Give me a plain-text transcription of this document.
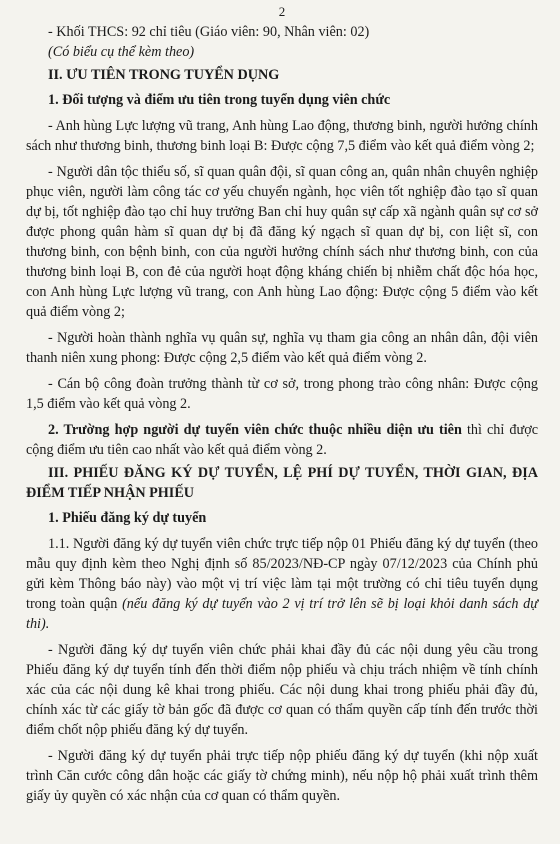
2

- Khối THCS: 92 chỉ tiêu (Giáo viên: 90, Nhân viên: 02)

(Có biểu cụ thể kèm theo)

II. ƯU TIÊN TRONG TUYỂN DỤNG

1. Đối tượng và điểm ưu tiên trong tuyển dụng viên chức

- Anh hùng Lực lượng vũ trang, Anh hùng Lao động, thương binh, người hưởng chính sách như thương binh, thương binh loại B: Được cộng 7,5 điểm vào kết quả điểm vòng 2;

- Người dân tộc thiểu số, sĩ quan quân đội, sĩ quan công an, quân nhân chuyên nghiệp phục viên, người làm công tác cơ yếu chuyển ngành, học viên tốt nghiệp đào tạo sĩ quan dự bị, tốt nghiệp đào tạo chỉ huy trưởng Ban chỉ huy quân sự cấp xã ngành quân sự cơ sở được phong quân hàm sĩ quan dự bị đã đăng ký ngạch sĩ quan dự bị, con liệt sĩ, con thương binh, con bệnh binh, con của người hưởng chính sách như thương binh, con của thương binh loại B, con đẻ của người hoạt động kháng chiến bị nhiễm chất độc hóa học, con Anh hùng Lực lượng vũ trang, con Anh hùng Lao động: Được cộng 5 điểm vào kết quả điểm vòng 2;

- Người hoàn thành nghĩa vụ quân sự, nghĩa vụ tham gia công an nhân dân, đội viên thanh niên xung phong: Được cộng 2,5 điểm vào kết quả điểm vòng 2.

- Cán bộ công đoàn trưởng thành từ cơ sở, trong phong trào công nhân: Được cộng 1,5 điểm vào kết quả vòng 2.

2. Trường hợp người dự tuyển viên chức thuộc nhiều diện ưu tiên thì chỉ được cộng điểm ưu tiên cao nhất vào kết quả điểm vòng 2.

III. PHIẾU ĐĂNG KÝ DỰ TUYỂN, LỆ PHÍ DỰ TUYỂN, THỜI GIAN, ĐỊA ĐIỂM TIẾP NHẬN PHIẾU

1. Phiếu đăng ký dự tuyển

1.1. Người đăng ký dự tuyển viên chức trực tiếp nộp 01 Phiếu đăng ký dự tuyển (theo mẫu quy định kèm theo Nghị định số 85/2023/NĐ-CP ngày 07/12/2023 của Chính phủ gửi kèm Thông báo này) vào một vị trí việc làm tại một trường có chỉ tiêu tuyển dụng trong toàn quận (nếu đăng ký dự tuyển vào 2 vị trí trở lên sẽ bị loại khỏi danh sách dự thi).

- Người đăng ký dự tuyển viên chức phải khai đầy đủ các nội dung yêu cầu trong Phiếu đăng ký dự tuyển tính đến thời điểm nộp phiếu và chịu trách nhiệm về tính chính xác của các nội dung kê khai trong phiếu. Các nội dung khai trong phiếu phải đầy đủ, chính xác từ các giấy tờ bản gốc đã được cơ quan có thẩm quyền cấp tính đến trước thời điểm chốt nộp phiếu đăng ký dự tuyển.

- Người đăng ký dự tuyển phải trực tiếp nộp phiếu đăng ký dự tuyển (khi nộp xuất trình Căn cước công dân hoặc các giấy tờ chứng minh), nếu nộp hộ phải xuất trình thêm giấy ủy quyền có xác nhận của cơ quan có thẩm quyền.
